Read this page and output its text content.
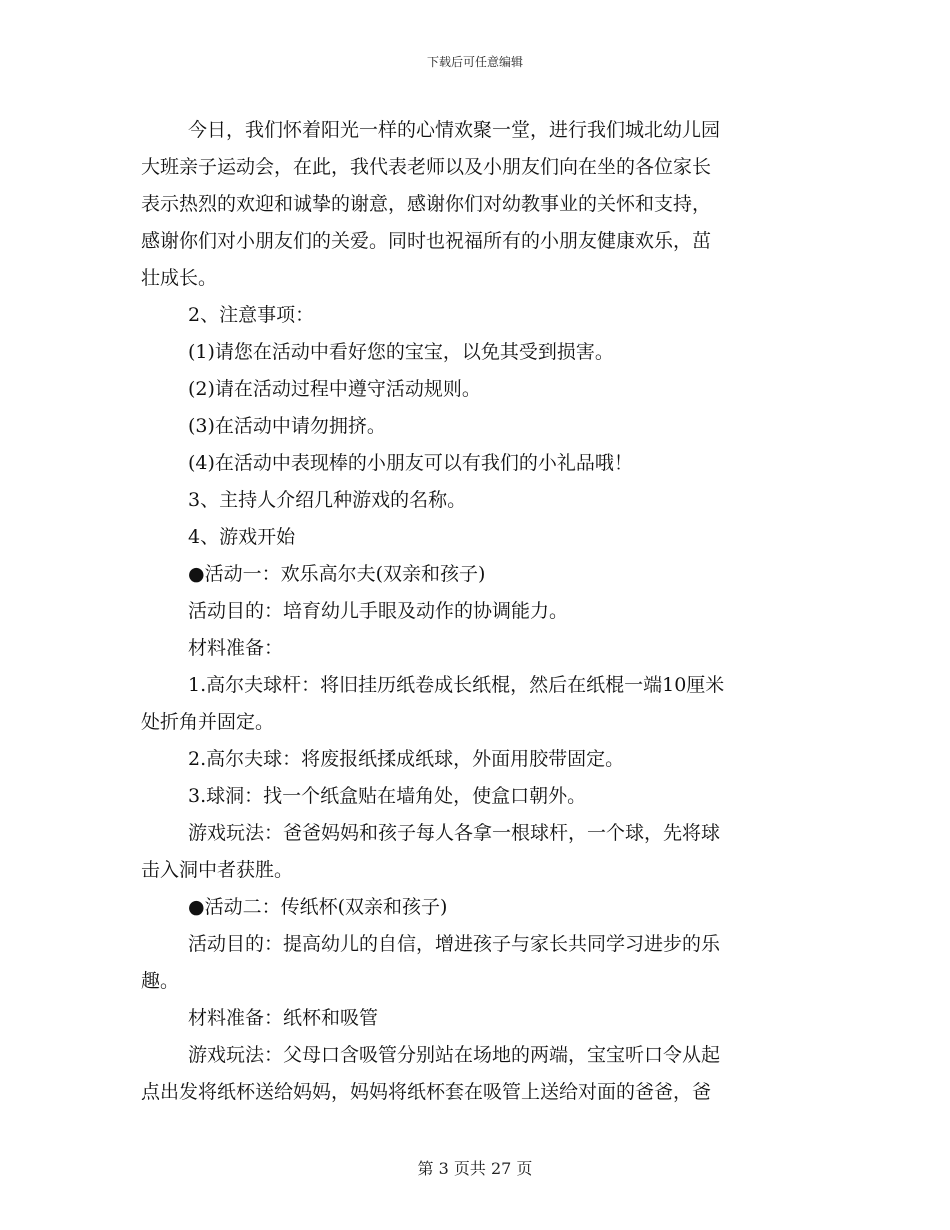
下载后可任意编辑

今日，我们怀着阳光一样的心情欢聚一堂，进行我们城北幼儿园

大班亲子运动会，在此，我代表老师以及小朋友们向在坐的各位家长

表示热烈的欢迎和诚挚的谢意，感谢你们对幼教事业的关怀和支持，

感谢你们对小朋友们的关爱。同时也祝福所有的小朋友健康欢乐，茁

壮成长。

2、注意事项：

(1)请您在活动中看好您的宝宝，以免其受到损害。

(2)请在活动过程中遵守活动规则。

(3)在活动中请勿拥挤。

(4)在活动中表现棒的小朋友可以有我们的小礼品哦！

3、主持人介绍几种游戏的名称。

4、游戏开始

●活动一：欢乐高尔夫(双亲和孩子)

活动目的：培育幼儿手眼及动作的协调能力。

材料准备：

1.高尔夫球杆：将旧挂历纸卷成长纸棍，然后在纸棍一端10厘米

处折角并固定。

2.高尔夫球：将废报纸揉成纸球，外面用胶带固定。

3.球洞：找一个纸盒贴在墙角处，使盒口朝外。

游戏玩法：爸爸妈妈和孩子每人各拿一根球杆，一个球，先将球

击入洞中者获胜。

●活动二：传纸杯(双亲和孩子)

活动目的：提高幼儿的自信，增进孩子与家长共同学习进步的乐

趣。

材料准备：纸杯和吸管

游戏玩法：父母口含吸管分别站在场地的两端，宝宝听口令从起

点出发将纸杯送给妈妈，妈妈将纸杯套在吸管上送给对面的爸爸，爸

第 3 页共 27 页
